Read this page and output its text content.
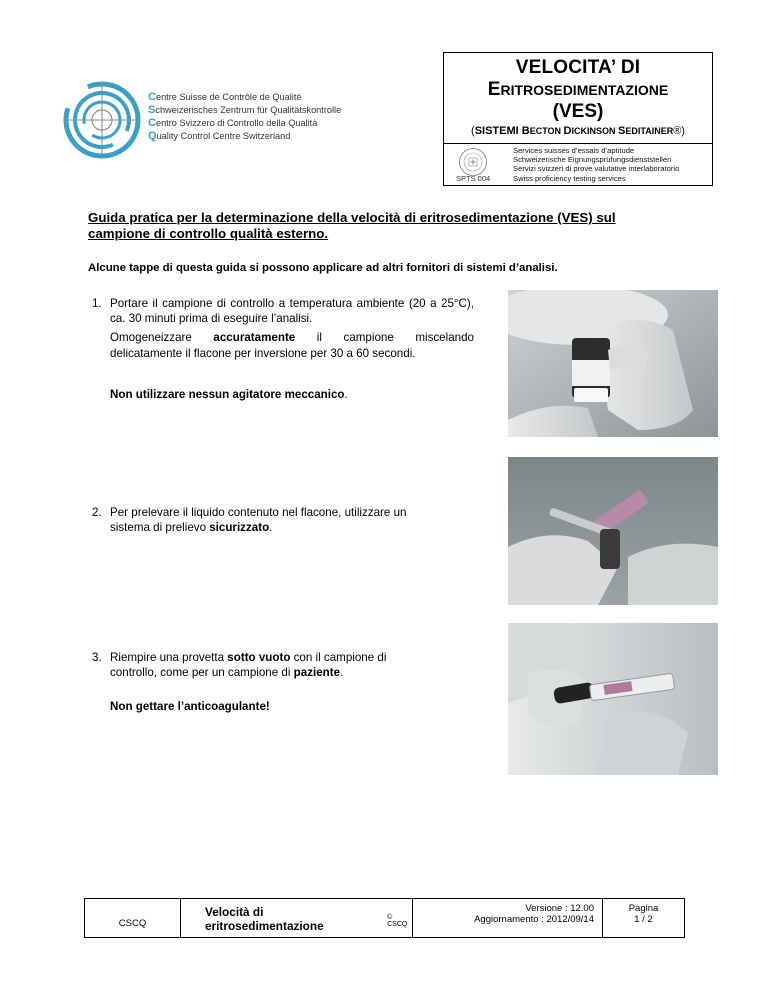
Centre Suisse de Contrôle de Qualité
Schweizerisches Zentrum für Qualitätskontrolle
Centro Svizzero di Controllo della Qualità
Quality Control Centre Switzerland
VELOCITA’ DI
ERITROSEDIMENTAZIONE
(VES)
(SISTEMI BECTON DICKINSON SEDITAINER®)
SPTS 004
Services suisses d’essais d’aptitude
Schweizerische Eignungsprüfungsdienststellen
Servizi svizzeri di prove valutative interlaboratorio
Swiss proficiency testing services
Guida pratica per la determinazione della velocità di eritrosedimentazione (VES) sul
campione di controllo qualità esterno.
Alcune tappe di questa guida si possono applicare ad altri fornitori di sistemi d’analisi.
1. Portare il campione di controllo a temperatura ambiente (20 a 25°C), ca. 30 minuti prima di eseguire l’analisi.

Omogeneizzare accuratamente il campione miscelando delicatamente il flacone per inversione per 30 a 60 secondi.

Non utilizzare nessun agitatore meccanico.
2. Per prelevare il liquido contenuto nel flacone, utilizzare un sistema di prelievo sicurizzato.

3. Riempire una provetta sotto vuoto con il campione di controllo, come per un campione di paziente.

Non gettare l’anticoagulante!
CSCQ
Velocità di eritrosedimentazione
© CSCQ
Versione : 12.00
Aggiornamento : 2012/09/14
Pagina
1 / 2
